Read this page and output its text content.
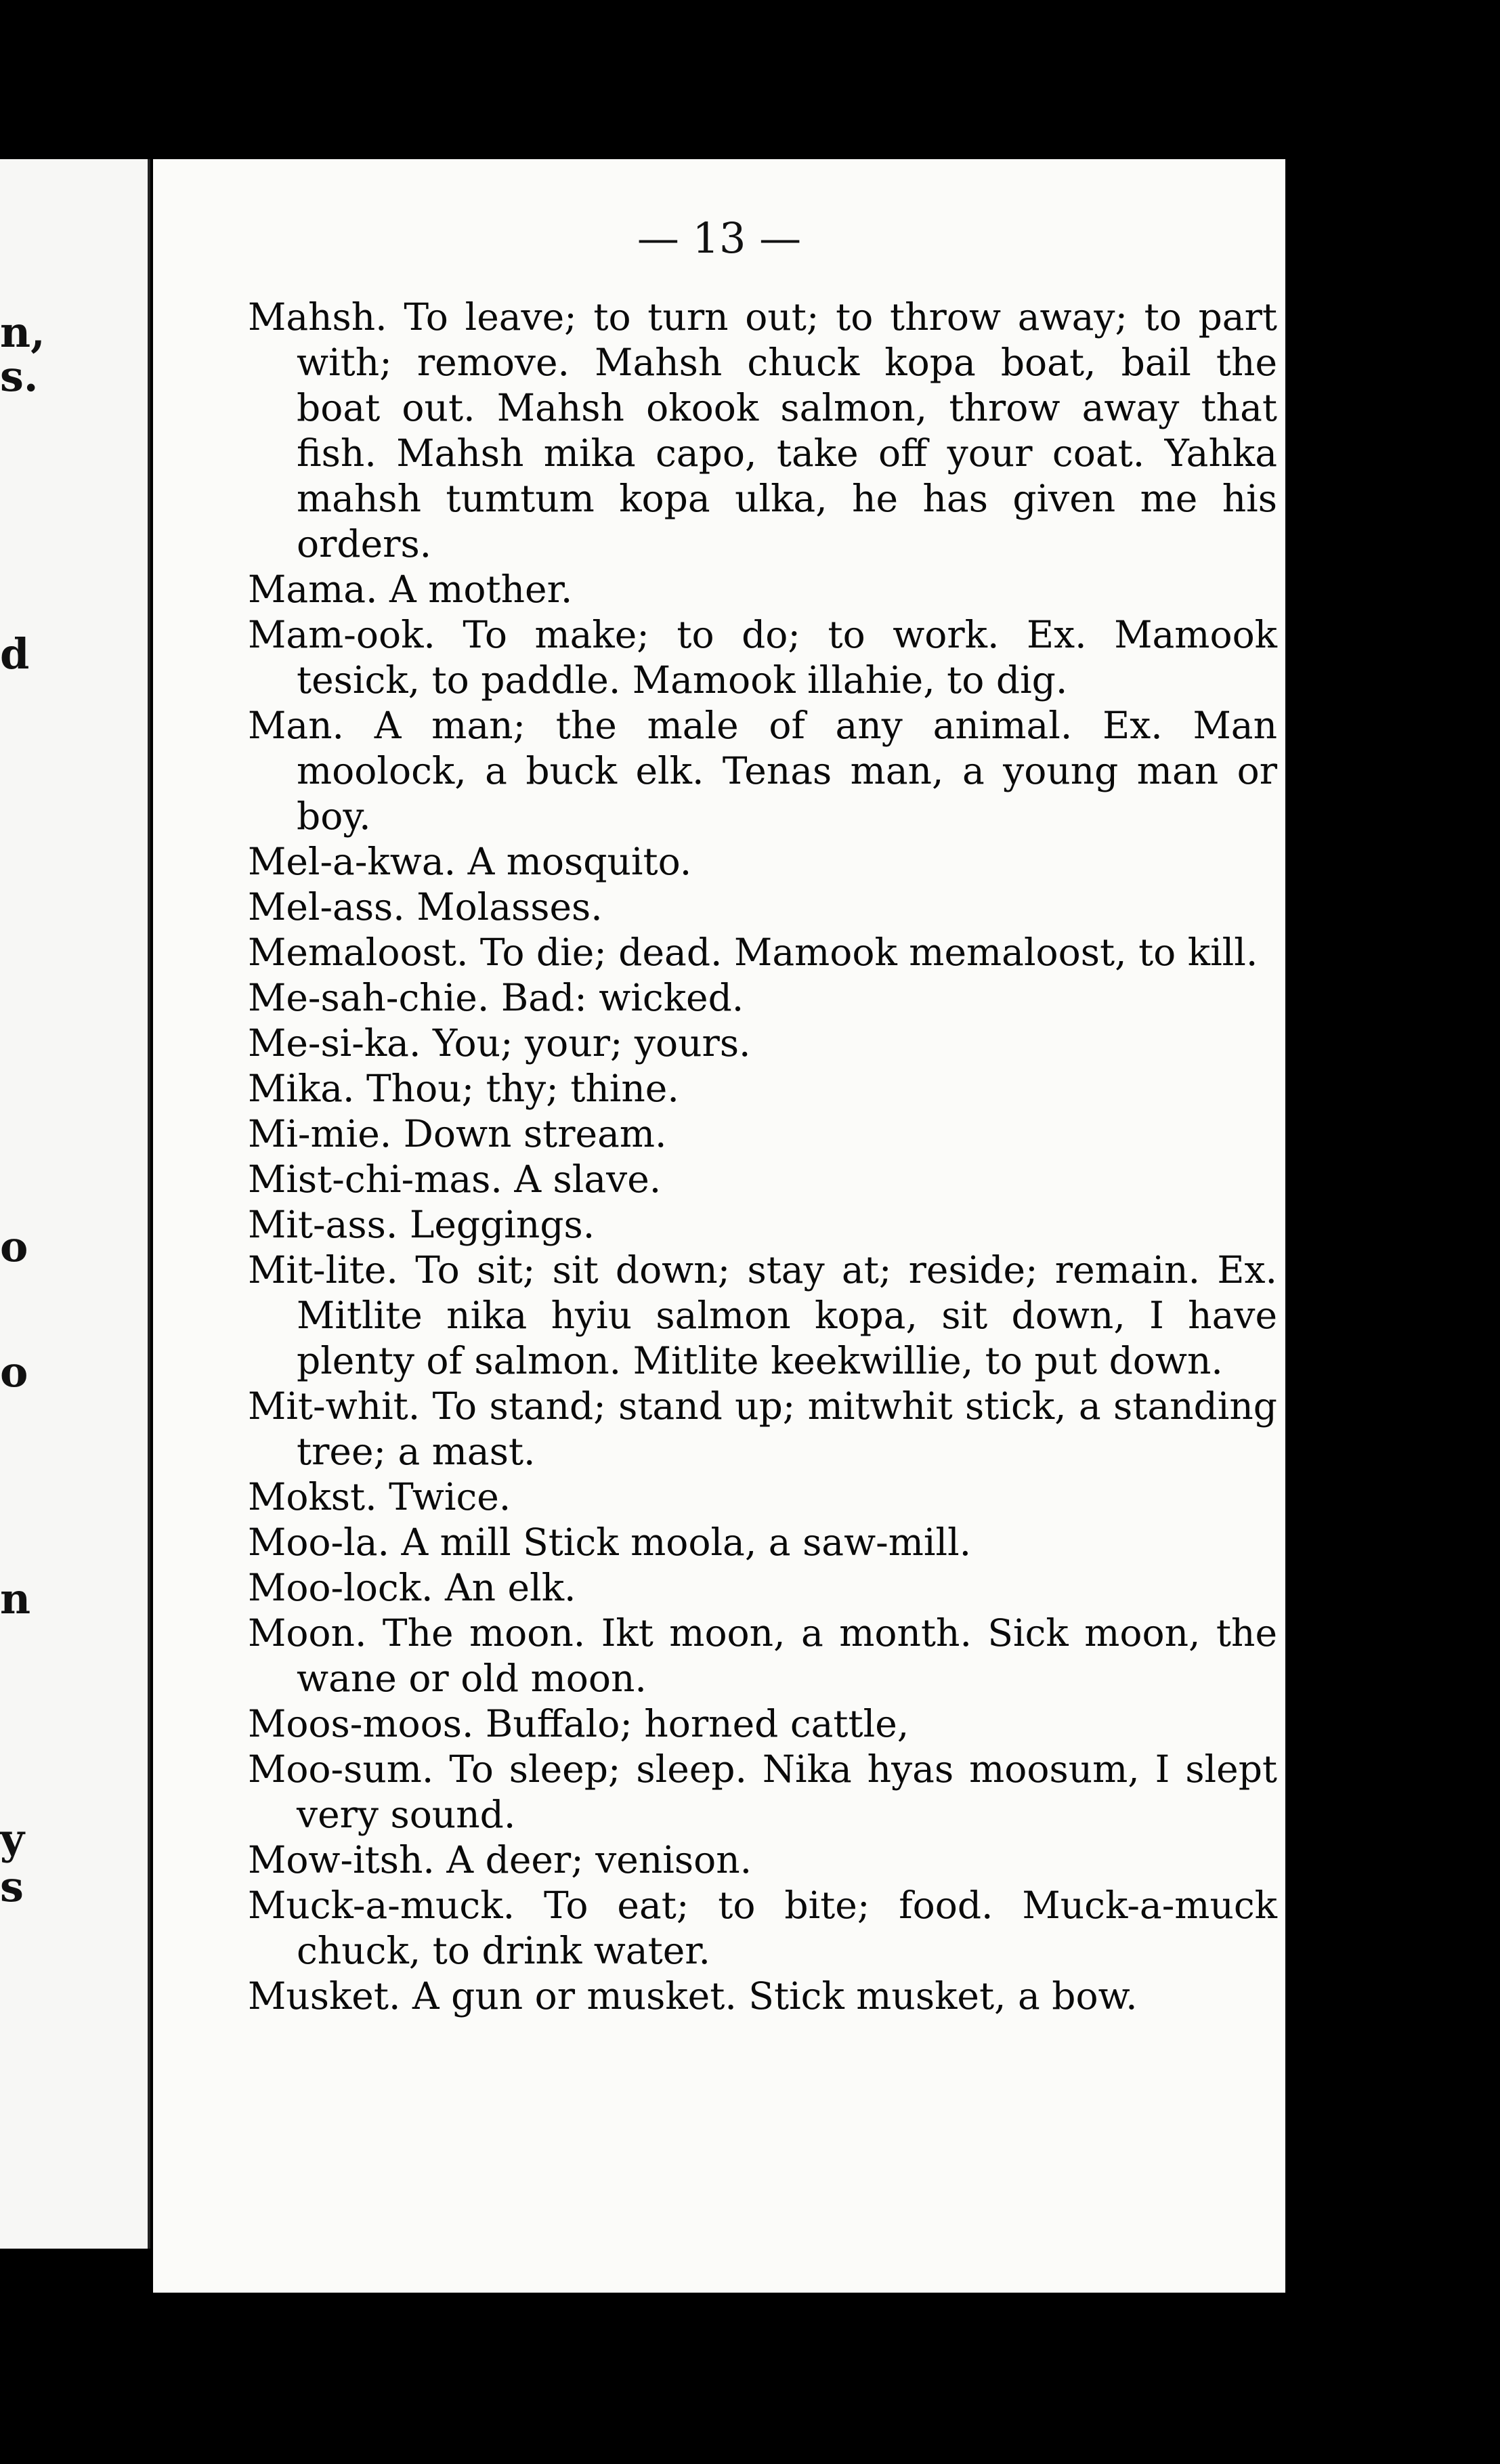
n,
s.
d
o
o
n
y
s
— 13 —

Mahsh. To leave; to turn out; to throw away; to part with; remove. Mahsh chuck kopa boat, bail the boat out. Mahsh okook salmon, throw away that fish. Mahsh mika capo, take off your coat. Yahka mahsh tumtum kopa ulka, he has given me his orders.

Mama. A mother.

Mam-ook. To make; to do; to work. Ex. Mamook tesick, to paddle. Mamook illahie, to dig.

Man. A man; the male of any animal. Ex. Man moolock, a buck elk. Tenas man, a young man or boy.

Mel-a-kwa. A mosquito.

Mel-ass. Molasses.

Memaloost. To die; dead. Mamook memaloost, to kill.

Me-sah-chie. Bad: wicked.

Me-si-ka. You; your; yours.

Mika. Thou; thy; thine.

Mi-mie. Down stream.

Mist-chi-mas. A slave.

Mit-ass. Leggings.

Mit-lite. To sit; sit down; stay at; reside; remain. Ex. Mitlite nika hyiu salmon kopa, sit down, I have plenty of salmon. Mitlite keekwillie, to put down.

Mit-whit. To stand; stand up; mitwhit stick, a standing tree; a mast.

Mokst. Twice.

Moo-la. A mill Stick moola, a saw-mill.

Moo-lock. An elk.

Moon. The moon. Ikt moon, a month. Sick moon, the wane or old moon.

Moos-moos. Buffalo; horned cattle,

Moo-sum. To sleep; sleep. Nika hyas moosum, I slept very sound.

Mow-itsh. A deer; venison.

Muck-a-muck. To eat; to bite; food. Muck-a-muck chuck, to drink water.

Musket. A gun or musket. Stick musket, a bow.
